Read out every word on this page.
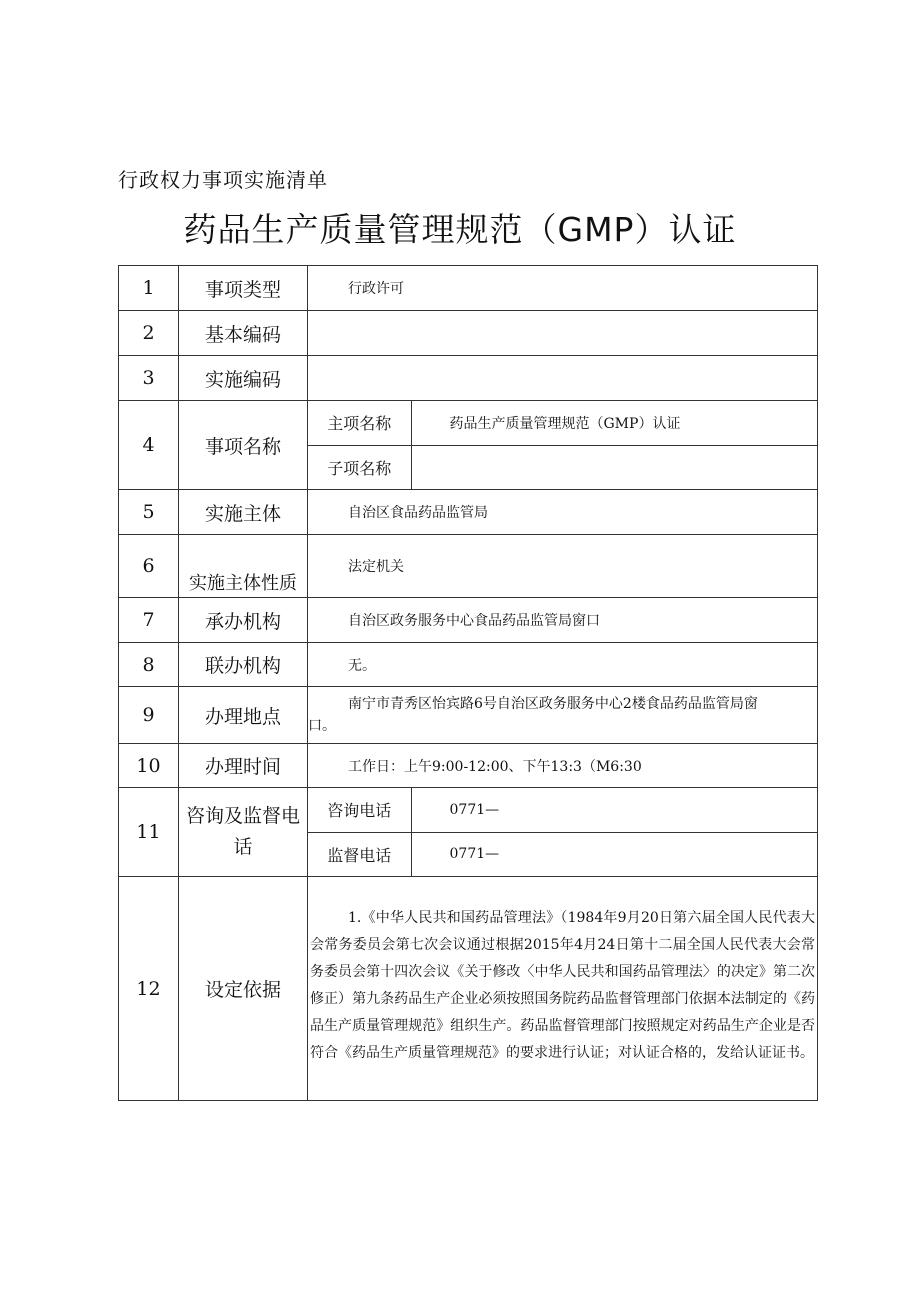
行政权力事项实施清单
药品生产质量管理规范（GMP）认证
1	事项类型	行政许可
2	基本编码	
3	实施编码	
4	事项名称	
主项名称	药品生产质量管理规范（GMP）认证
子项名称	

5	实施主体	自治区食品药品监管局
6	实施主体性质	法定机关
7	承办机构	自治区政务服务中心食品药品监管局窗口
8	联办机构	无。
9	办理地点	
南宁市青秀区怡宾路6号自治区政务服务中心2楼食品药品监管局窗
口。
10	办理时间	工作日：上午9:00-12:00、下午13:3（M6:30
11	咨询及监督电话	
咨询电话	0771—
监督电话	0771—

12	设定依据	
1.《中华人民共和国药品管理法》（1984年9月20日第六届全国人民代表大会常务委员会第七次会议通过根据2015年4月24日第十二届全国人民代表大会常务委员会第十四次会议《关于修改〈中华人民共和国药品管理法〉的决定》第二次修正）第九条药品生产企业必须按照国务院药品监督管理部门依据本法制定的《药品生产质量管理规范》组织生产。药品监督管理部门按照规定对药品生产企业是否符合《药品生产质量管理规范》的要求进行认证；对认证合格的，发给认证证书。
